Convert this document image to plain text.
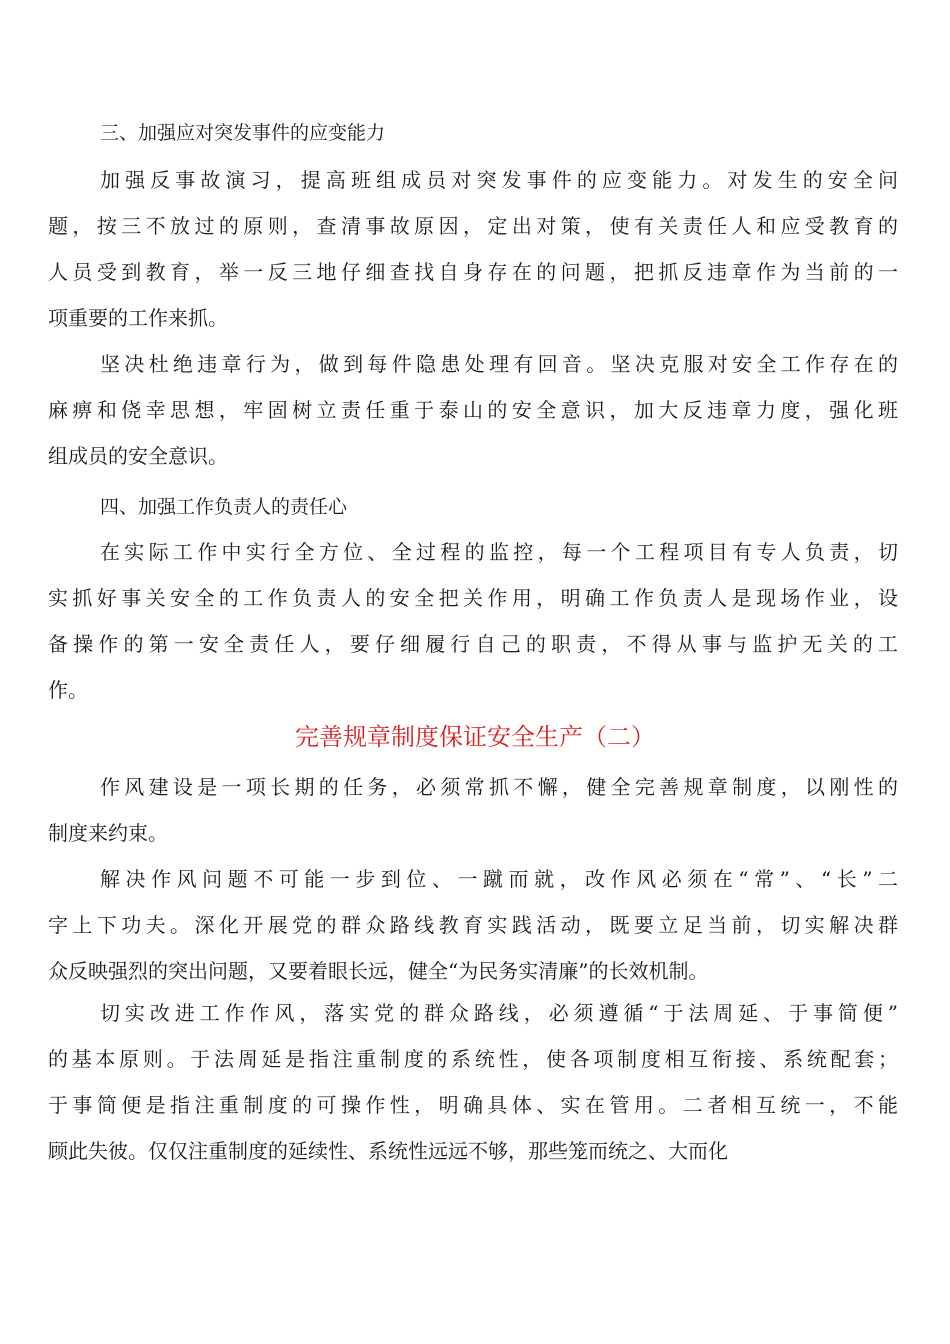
三、加强应对突发事件的应变能力
加强反事故演习，提高班组成员对突发事件的应变能力。对发生的安全问
题，按三不放过的原则，查清事故原因，定出对策，使有关责任人和应受教育的
人员受到教育，举一反三地仔细查找自身存在的问题，把抓反违章作为当前的一
项重要的工作来抓。
坚决杜绝违章行为，做到每件隐患处理有回音。坚决克服对安全工作存在的
麻痹和侥幸思想，牢固树立责任重于泰山的安全意识，加大反违章力度，强化班
组成员的安全意识。
四、加强工作负责人的责任心
在实际工作中实行全方位、全过程的监控，每一个工程项目有专人负责，切
实抓好事关安全的工作负责人的安全把关作用，明确工作负责人是现场作业，设
备操作的第一安全责任人，要仔细履行自己的职责，不得从事与监护无关的工
作。
完善规章制度保证安全生产（二）
作风建设是一项长期的任务，必须常抓不懈，健全完善规章制度，以刚性的
制度来约束。
解决作风问题不可能一步到位、一蹴而就，改作风必须在“常”、“长”二
字上下功夫。深化开展党的群众路线教育实践活动，既要立足当前，切实解决群
众反映强烈的突出问题，又要着眼长远，健全“为民务实清廉”的长效机制。
切实改进工作作风，落实党的群众路线，必须遵循“于法周延、于事简便”
的基本原则。于法周延是指注重制度的系统性，使各项制度相互衔接、系统配套；
于事简便是指注重制度的可操作性，明确具体、实在管用。二者相互统一，不能
顾此失彼。仅仅注重制度的延续性、系统性远远不够，那些笼而统之、大而化
